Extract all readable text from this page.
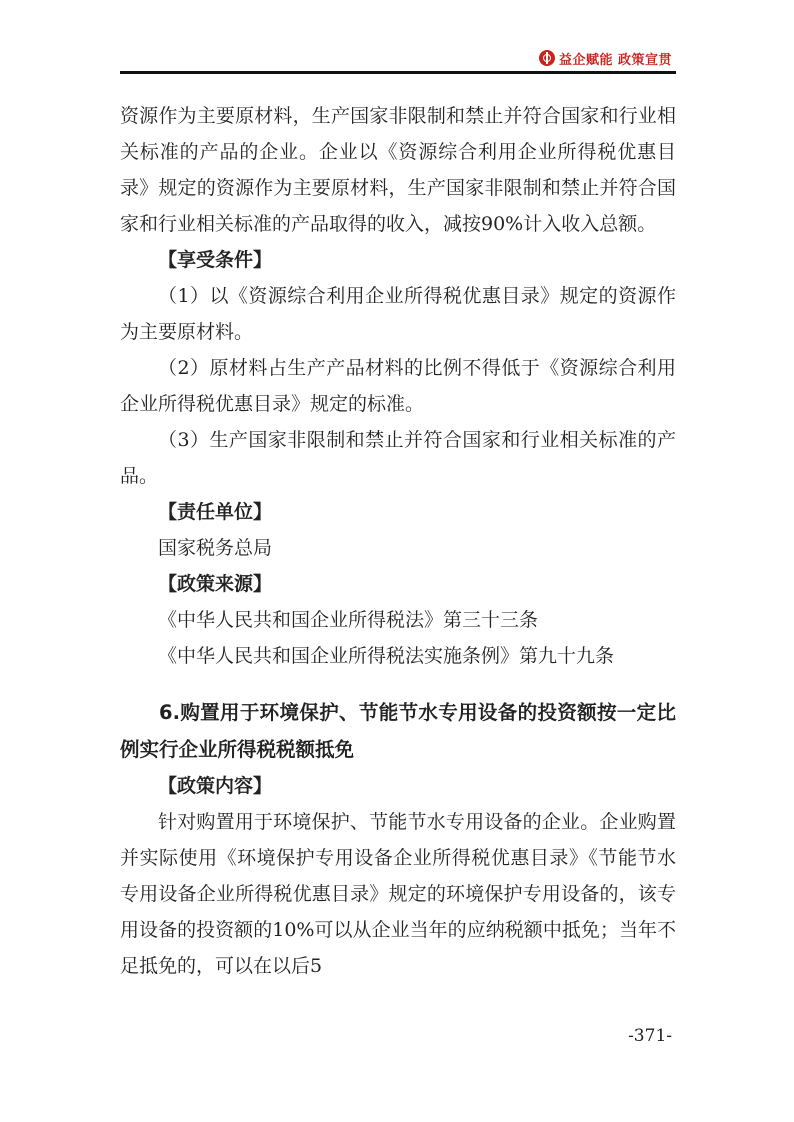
益企赋能 政策宣贯

资源作为主要原材料，生产国家非限制和禁止并符合国家和行业相关标准的产品的企业。企业以《资源综合利用企业所得税优惠目录》规定的资源作为主要原材料，生产国家非限制和禁止并符合国家和行业相关标准的产品取得的收入，减按90%计入收入总额。

【享受条件】

（1）以《资源综合利用企业所得税优惠目录》规定的资源作为主要原材料。

（2）原材料占生产产品材料的比例不得低于《资源综合利用企业所得税优惠目录》规定的标准。

（3）生产国家非限制和禁止并符合国家和行业相关标准的产品。

【责任单位】

国家税务总局

【政策来源】

《中华人民共和国企业所得税法》第三十三条

《中华人民共和国企业所得税法实施条例》第九十九条

6.购置用于环境保护、节能节水专用设备的投资额按一定比例实行企业所得税税额抵免

【政策内容】

针对购置用于环境保护、节能节水专用设备的企业。企业购置并实际使用《环境保护专用设备企业所得税优惠目录》《节能节水专用设备企业所得税优惠目录》规定的环境保护专用设备的，该专用设备的投资额的10%可以从企业当年的应纳税额中抵免；当年不足抵免的，可以在以后5

-371-
